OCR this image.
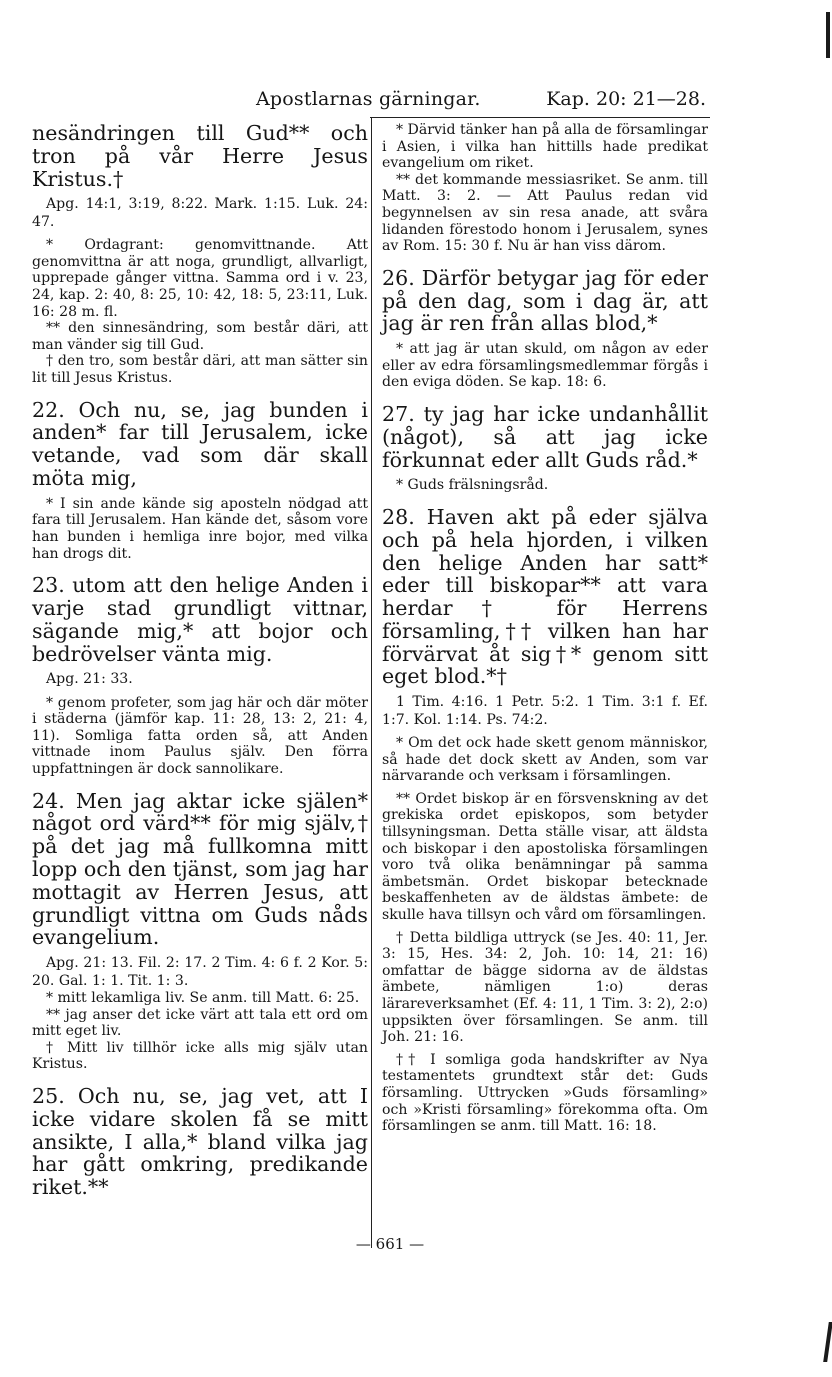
Apostlarnas gärningar.	Kap. 20: 21—28.

nesändringen till Gud** och tron på vår Herre Jesus Kristus.†

Apg. 14:1, 3:19, 8:22. Mark. 1:15. Luk. 24: 47.

* Ordagrant: genomvittnande. Att genomvittna är att noga, grundligt, allvarligt, upprepade gånger vittna. Samma ord i v. 23, 24, kap. 2: 40, 8: 25, 10: 42, 18: 5, 23:11, Luk. 16: 28 m. fl.

** den sinnesändring, som består däri, att man vänder sig till Gud.

† den tro, som består däri, att man sätter sin lit till Jesus Kristus.

22. Och nu, se, jag bunden i anden* far till Jerusalem, icke vetande, vad som där skall möta mig,

* I sin ande kände sig aposteln nödgad att fara till Jerusalem. Han kände det, såsom vore han bunden i hemliga inre bojor, med vilka han drogs dit.

23. utom att den helige Anden i varje stad grundligt vittnar, sägande mig,* att bojor och bedrövelser vänta mig.

Apg. 21: 33.

* genom profeter, som jag här och där möter i städerna (jämför kap. 11: 28, 13: 2, 21: 4, 11). Somliga fatta orden så, att Anden vittnade inom Paulus själv. Den förra uppfattningen är dock sannolikare.

24. Men jag aktar icke själen* något ord värd** för mig själv,† på det jag må fullkomna mitt lopp och den tjänst, som jag har mottagit av Herren Jesus, att grundligt vittna om Guds nåds evangelium.

Apg. 21: 13. Fil. 2: 17. 2 Tim. 4: 6 f. 2 Kor. 5: 20. Gal. 1: 1. Tit. 1: 3.

* mitt lekamliga liv. Se anm. till Matt. 6: 25.

** jag anser det icke värt att tala ett ord om mitt eget liv.

† Mitt liv tillhör icke alls mig själv utan Kristus.

25. Och nu, se, jag vet, att I icke vidare skolen få se mitt ansikte, I alla,* bland vilka jag har gått omkring, predikande riket.**

* Därvid tänker han på alla de församlingar i Asien, i vilka han hittills hade predikat evangelium om riket.

** det kommande messiasriket. Se anm. till Matt. 3: 2. — Att Paulus redan vid begynnelsen av sin resa anade, att svåra lidanden förestodo honom i Jerusalem, synes av Rom. 15: 30 f. Nu är han viss därom.

26. Därför betygar jag för eder på den dag, som i dag är, att jag är ren från allas blod,*

* att jag är utan skuld, om någon av eder eller av edra församlingsmedlemmar förgås i den eviga döden. Se kap. 18: 6.

27. ty jag har icke undanhållit (något), så att jag icke förkunnat eder allt Guds råd.*

* Guds frälsningsråd.

28. Haven akt på eder själva och på hela hjorden, i vilken den helige Anden har satt* eder till biskopar** att vara herdar† för Herrens församling,†† vilken han har förvärvat åt sig†* genom sitt eget blod.*†

1 Tim. 4:16. 1 Petr. 5:2. 1 Tim. 3:1 f. Ef. 1:7. Kol. 1:14. Ps. 74:2.

* Om det ock hade skett genom människor, så hade det dock skett av Anden, som var närvarande och verksam i församlingen.

** Ordet biskop är en försvenskning av det grekiska ordet episkopos, som betyder tillsyningsman. Detta ställe visar, att äldsta och biskopar i den apostoliska församlingen voro två olika benämningar på samma ämbetsmän. Ordet biskopar betecknade beskaffenheten av de äldstas ämbete: de skulle hava tillsyn och vård om församlingen.

† Detta bildliga uttryck (se Jes. 40: 11, Jer. 3: 15, Hes. 34: 2, Joh. 10: 14, 21: 16) omfattar de bägge sidorna av de äldstas ämbete, nämligen 1:o) deras lärareverksamhet (Ef. 4: 11, 1 Tim. 3: 2), 2:o) uppsikten över församlingen. Se anm. till Joh. 21: 16.

†† I somliga goda handskrifter av Nya testamentets grundtext står det: Guds församling. Uttrycken »Guds församling» och »Kristi församling» förekomma ofta. Om församlingen se anm. till Matt. 16: 18.

— 661 —
